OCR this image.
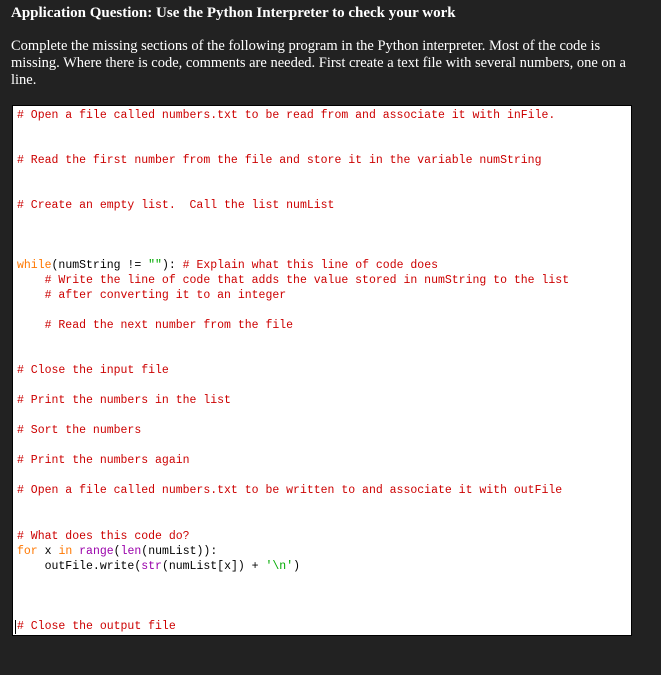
Application Question: Use the Python Interpreter to check your work
Complete the missing sections of the following program in the Python interpreter. Most of the code is missing. Where there is code, comments are needed. First create a text file with several numbers, one on a line.
# Open a file called numbers.txt to be read from and associate it with inFile.
# Read the first number from the file and store it in the variable numString
# Create an empty list.  Call the list numList
while(numString != ""): # Explain what this line of code does
# Write the line of code that adds the value stored in numString to the list
# after converting it to an integer
# Read the next number from the file
# Close the input file
# Print the numbers in the list
# Sort the numbers
# Print the numbers again
# Open a file called numbers.txt to be written to and associate it with outFile
# What does this code do?
for x in range(len(numList)):
outFile.write(str(numList[x]) + '\n')
# Close the output file
